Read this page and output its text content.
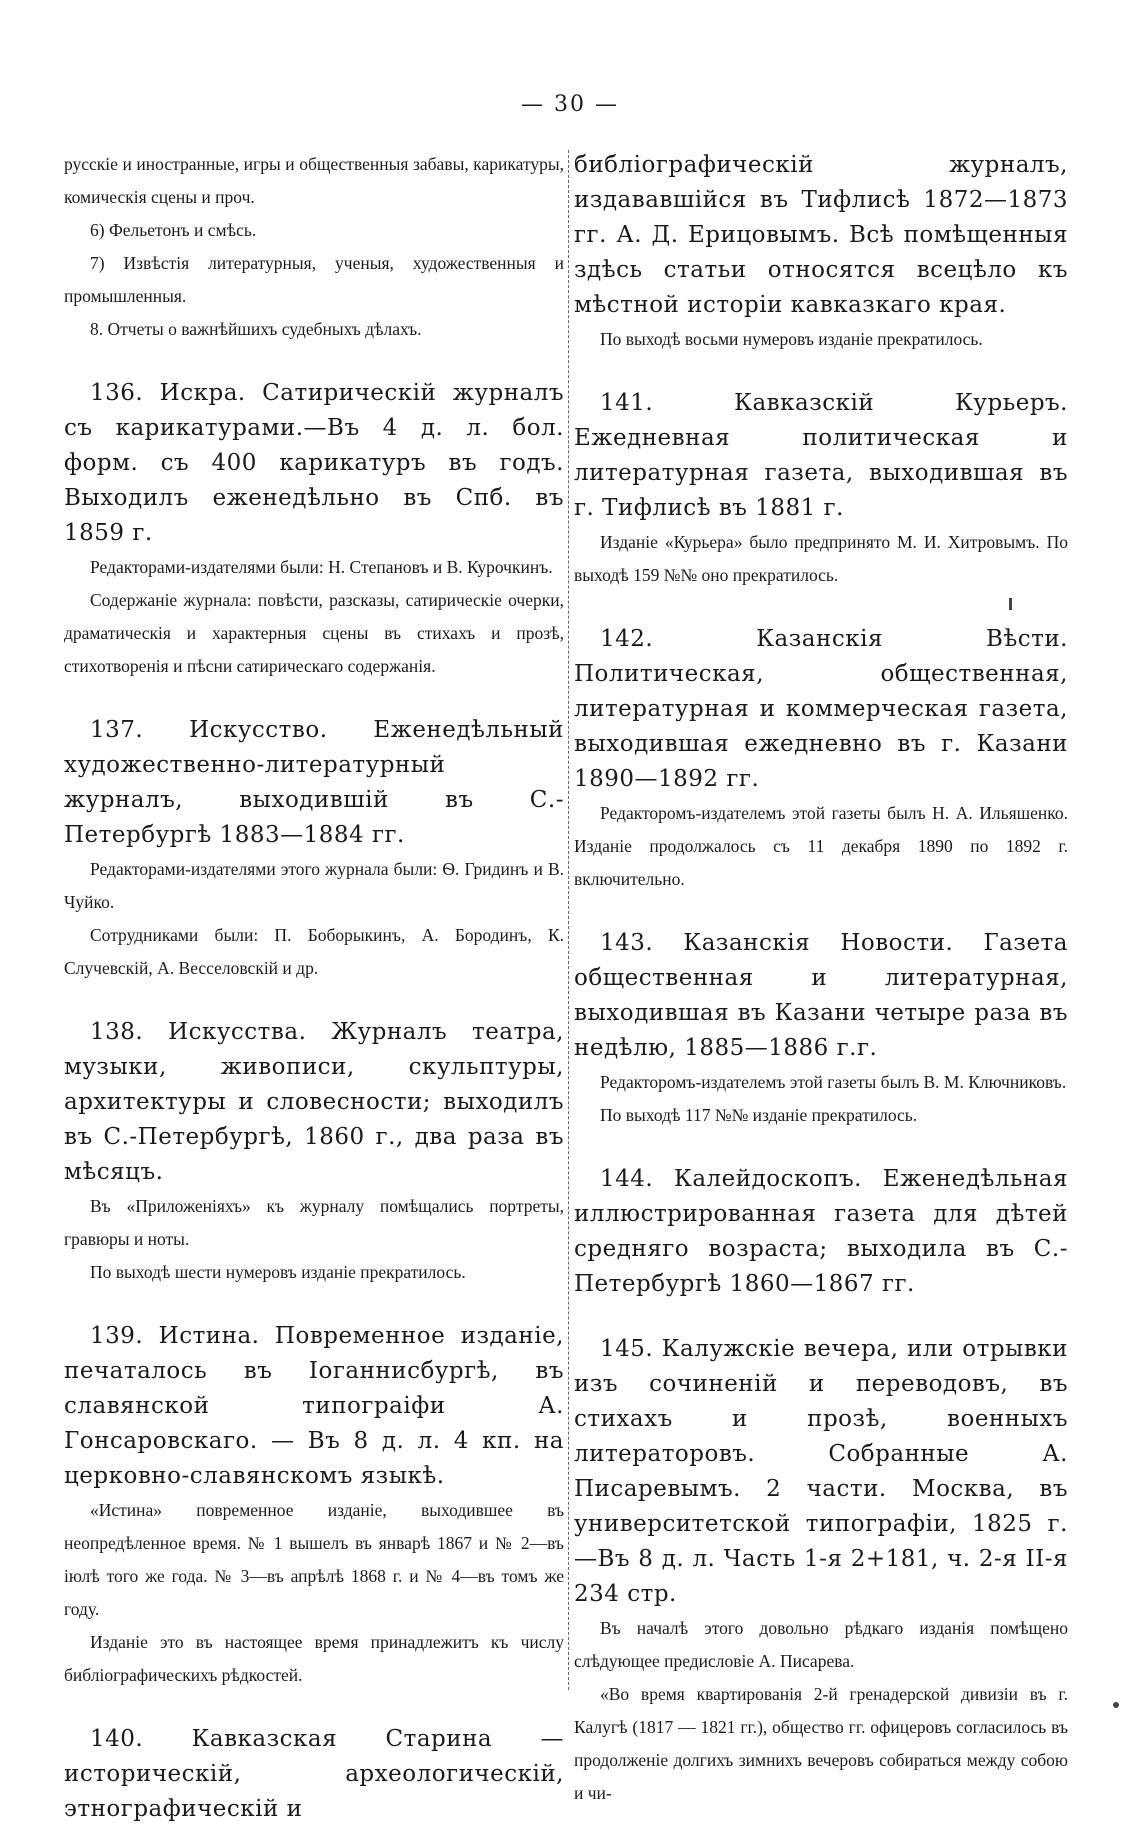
— 30 —

русскіе и иностранные, игры и общественныя забавы, карикатуры, комическія сцены и проч.

6) Фельетонъ и смѣсь.

7) Извѣстія литературныя, ученыя, художественныя и промышленныя.

8. Отчеты о важнѣйшихъ судебныхъ дѣлахъ.

136. Искра. Сатирическій журналъ съ карикатурами.—Въ 4 д. л. бол. форм. съ 400 карикатуръ въ годъ. Выходилъ еженедѣльно въ Спб. въ 1859 г.

Редакторами-издателями были: Н. Степановъ и В. Курочкинъ.

Содержаніе журнала: повѣсти, разсказы, сатирическіе очерки, драматическія и характерныя сцены въ стихахъ и прозѣ, стихотворенія и пѣсни сатирическаго содержанія.

137. Искусство. Еженедѣльный художественно-литературный журналъ, выходившій въ С.-Петербургѣ 1883—1884 гг.

Редакторами-издателями этого журнала были: Ѳ. Гридинъ и В. Чуйко.

Сотрудниками были: П. Боборыкинъ, А. Бородинъ, К. Случевскій, А. Весселовскій и др.

138. Искусства. Журналъ театра, музыки, живописи, скульптуры, архитектуры и словесности; выходилъ въ С.-Петербургѣ, 1860 г., два раза въ мѣсяцъ.

Въ «Приложеніяхъ» къ журналу помѣщались портреты, гравюры и ноты.

По выходѣ шести нумеровъ изданіе прекратилось.

139. Истина. Повременное изданіе, печаталось въ Іоганнисбургѣ, въ славянской типограіфи А. Гонсаровскаго. — Въ 8 д. л. 4 кп. на церковно-славянскомъ языкѣ.

«Истина» повременное изданіе, выходившее въ неопредѣленное время. № 1 вышелъ въ январѣ 1867 и № 2—въ іюлѣ того же года. № 3—въ апрѣлѣ 1868 г. и № 4—въ томъ же году.

Изданіе это въ настоящее время принадлежитъ къ числу библіографическихъ рѣдкостей.

140. Кавказская Старина — историческій, археологическій, этнографическій и

библіографическій журналъ, издававшійся въ Тифлисѣ 1872—1873 гг. А. Д. Ерицовымъ. Всѣ помѣщенныя здѣсь статьи относятся всецѣло къ мѣстной исторіи кавказкаго края.

По выходѣ восьми нумеровъ изданіе прекратилось.

141. Кавказскій Курьеръ. Ежедневная политическая и литературная газета, выходившая въ г. Тифлисѣ въ 1881 г.

Изданіе «Курьера» было предпринято М. И. Хитровымъ. По выходѣ 159 №№ оно прекратилось.

142. Казанскія Вѣсти. Политическая, общественная, литературная и коммерческая газета, выходившая ежедневно въ г. Казани 1890—1892 гг.

Редакторомъ-издателемъ этой газеты былъ Н. А. Ильяшенко. Изданіе продолжалось съ 11 декабря 1890 по 1892 г. включительно.

143. Казанскія Новости. Газета общественная и литературная, выходившая въ Казани четыре раза въ недѣлю, 1885—1886 г.г.

Редакторомъ-издателемъ этой газеты былъ В. М. Ключниковъ.

По выходѣ 117 №№ изданіе прекратилось.

144. Калейдоскопъ. Еженедѣльная иллюстрированная газета для дѣтей средняго возраста; выходила въ С.-Петербургѣ 1860—1867 гг.

145. Калужскіе вечера, или отрывки изъ сочиненій и переводовъ, въ стихахъ и прозѣ, военныхъ литераторовъ. Собранные А. Писаревымъ. 2 части. Москва, въ университетской типографіи, 1825 г.—Въ 8 д. л. Часть 1-я 2+181, ч. 2-я II-я 234 стр.

Въ началѣ этого довольно рѣдкаго изданія помѣщено слѣдующее предисловіе А. Писарева.

«Во время квартированія 2-й гренадерской дивизіи въ г. Калугѣ (1817 — 1821 гг.), общество гг. офицеровъ согласилось въ продолженіе долгихъ зимнихъ вечеровъ собираться между собою и чи-
